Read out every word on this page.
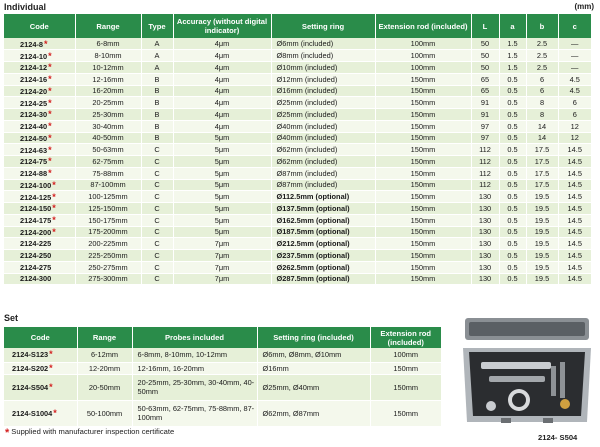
Individual	(mm)
Code	Range	Type	Accuracy (without digital indicator)	Setting ring	Extension rod (included)	L	a	b	c
2124-8*	6-8mm	A	4μm	Ø6mm (included)	100mm	50	1.5	2.5	—
2124-10*	8-10mm	A	4μm	Ø8mm (included)	100mm	50	1.5	2.5	—
2124-12*	10-12mm	A	4μm	Ø10mm (included)	100mm	50	1.5	2.5	—
2124-16*	12-16mm	B	4μm	Ø12mm (included)	150mm	65	0.5	6	4.5
2124-20*	16-20mm	B	4μm	Ø16mm (included)	150mm	65	0.5	6	4.5
2124-25*	20-25mm	B	4μm	Ø25mm (included)	150mm	91	0.5	8	6
2124-30*	25-30mm	B	4μm	Ø25mm (included)	150mm	91	0.5	8	6
2124-40*	30-40mm	B	4μm	Ø40mm (included)	150mm	97	0.5	14	12
2124-50*	40-50mm	B	5μm	Ø40mm (included)	150mm	97	0.5	14	12
2124-63*	50-63mm	C	5μm	Ø62mm (included)	150mm	112	0.5	17.5	14.5
2124-75*	62-75mm	C	5μm	Ø62mm (included)	150mm	112	0.5	17.5	14.5
2124-88*	75-88mm	C	5μm	Ø87mm (included)	150mm	112	0.5	17.5	14.5
2124-100*	87-100mm	C	5μm	Ø87mm (included)	150mm	112	0.5	17.5	14.5
2124-125*	100-125mm	C	5μm	Ø112.5mm (optional)	150mm	130	0.5	19.5	14.5
2124-150*	125-150mm	C	5μm	Ø137.5mm (optional)	150mm	130	0.5	19.5	14.5
2124-175*	150-175mm	C	5μm	Ø162.5mm (optional)	150mm	130	0.5	19.5	14.5
2124-200*	175-200mm	C	5μm	Ø187.5mm (optional)	150mm	130	0.5	19.5	14.5
2124-225	200-225mm	C	7μm	Ø212.5mm (optional)	150mm	130	0.5	19.5	14.5
2124-250	225-250mm	C	7μm	Ø237.5mm (optional)	150mm	130	0.5	19.5	14.5
2124-275	250-275mm	C	7μm	Ø262.5mm (optional)	150mm	130	0.5	19.5	14.5
2124-300	275-300mm	C	7μm	Ø287.5mm (optional)	150mm	130	0.5	19.5	14.5
Set
Code	Range	Probes included	Setting ring (included)	Extension rod (included)
2124-S123*	6-12mm	6-8mm, 8-10mm, 10-12mm	Ø6mm, Ø8mm, Ø10mm	100mm
2124-S202*	12-20mm	12-16mm, 16-20mm	Ø16mm	150mm
2124-S504*	20-50mm	20-25mm, 25-30mm, 30-40mm, 40-50mm	Ø25mm, Ø40mm	150mm
2124-S1004*	50-100mm	50-63mm, 62-75mm, 75-88mm, 87-100mm	Ø62mm, Ø87mm	150mm
* Supplied with manufacturer inspection certificate
2124- S504
